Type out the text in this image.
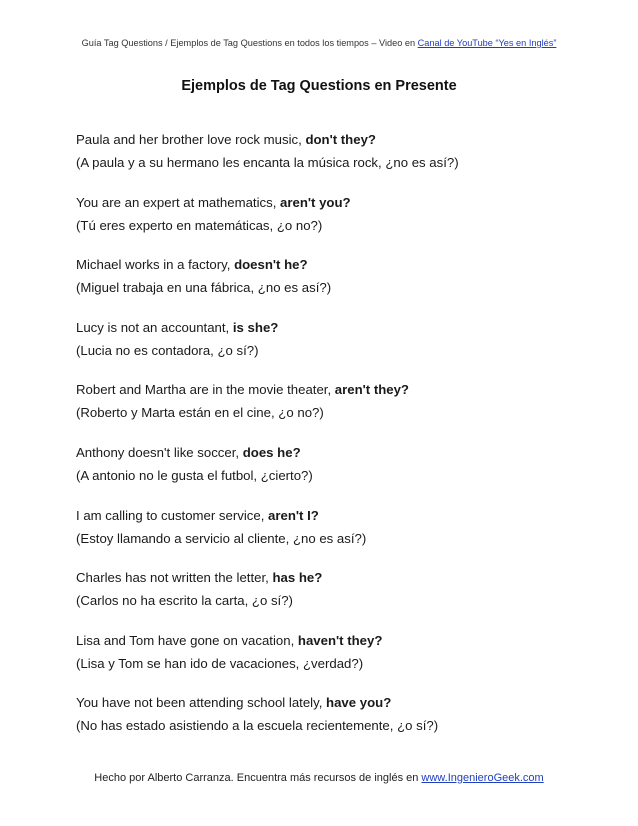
Guía Tag Questions / Ejemplos de Tag Questions en todos los tiempos – Video en Canal de YouTube “Yes en Inglés”
Ejemplos de Tag Questions en Presente
Paula and her brother love rock music, don't they?
(A paula y a su hermano les encanta la música rock, ¿no es así?)
You are an expert at mathematics, aren't you?
(Tú eres experto en matemáticas, ¿o no?)
Michael works in a factory, doesn't he?
(Miguel trabaja en una fábrica, ¿no es así?)
Lucy is not an accountant, is she?
(Lucia no es contadora, ¿o sí?)
Robert and Martha are in the movie theater, aren't they?
(Roberto y Marta están en el cine, ¿o no?)
Anthony doesn't like soccer, does he?
(A antonio no le gusta el futbol, ¿cierto?)
I am calling to customer service, aren't I?
(Estoy llamando a servicio al cliente, ¿no es así?)
Charles has not written the letter, has he?
(Carlos no ha escrito la carta, ¿o sí?)
Lisa and Tom have gone on vacation, haven't they?
(Lisa y Tom se han ido de vacaciones, ¿verdad?)
You have not been attending school lately, have you?
(No has estado asistiendo a la escuela recientemente, ¿o sí?)
Hecho por Alberto Carranza. Encuentra más recursos de inglés en www.IngenieroGeek.com
